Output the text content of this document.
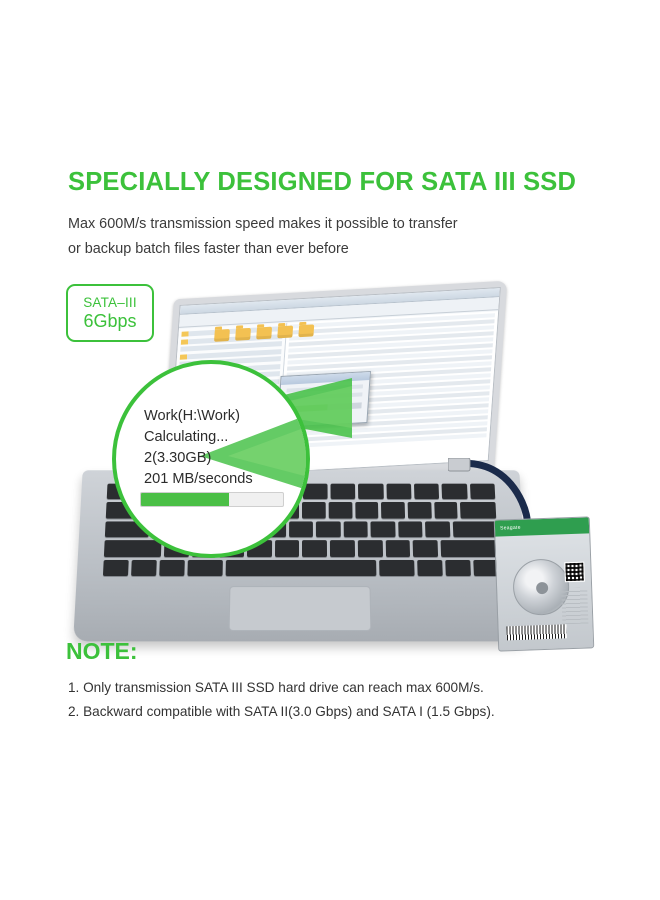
SPECIALLY DESIGNED FOR SATA III SSD
Max 600M/s transmission speed makes it possible to transfer
or backup batch files faster than ever before
SATA–III
6Gbps
Seagate
Work(H:\Work)
Calculating...
2(3.30GB)
201 MB/seconds
NOTE:
1. Only transmission SATA III SSD hard drive can reach max 600M/s.
2. Backward compatible with SATA II(3.0 Gbps) and SATA I (1.5 Gbps).
